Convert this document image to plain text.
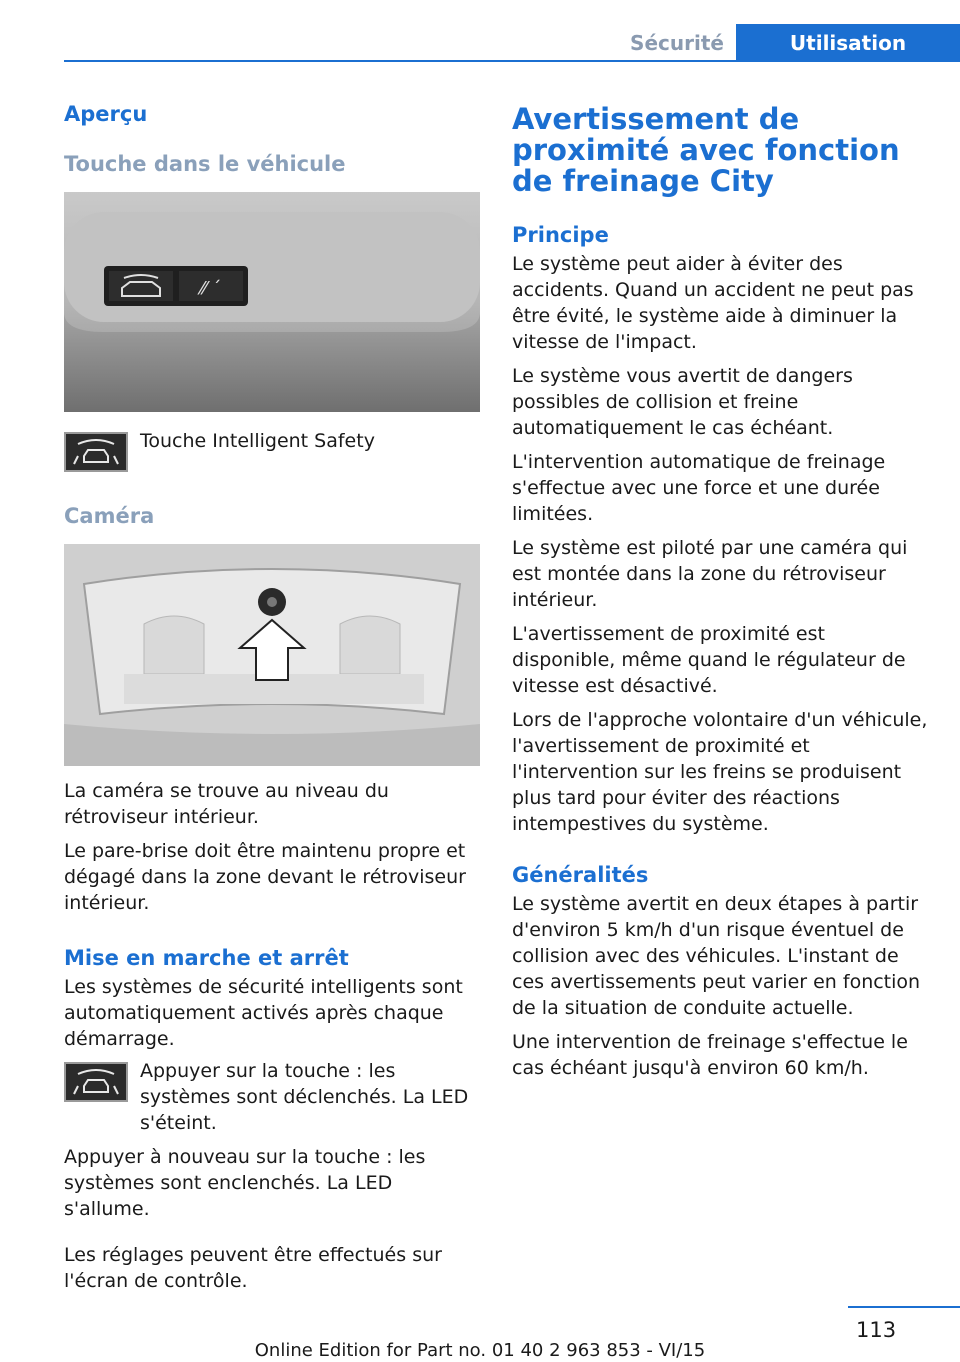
Sécurité	Utilisation
Aperçu
Touche dans le véhicule
⁄⁄ ˊ

Touche Intelligent Safety

Caméra

La caméra se trouve au niveau du rétroviseur intérieur.

Le pare-brise doit être maintenu propre et dégagé dans la zone devant le rétroviseur intérieur.

Mise en marche et arrêt

Les systèmes de sécurité intelligents sont automatiquement activés après chaque démarrage.

Appuyer sur la touche : les systèmes sont déclenchés. La LED s'éteint.

Appuyer à nouveau sur la touche : les systèmes sont enclenchés. La LED s'allume.

Les réglages peuvent être effectués sur l'écran de contrôle.

Avertissement de proximité avec fonction de freinage City
Principe

Le système peut aider à éviter des accidents. Quand un accident ne peut pas être évité, le système aide à diminuer la vitesse de l'impact.

Le système vous avertit de dangers possibles de collision et freine automatiquement le cas échéant.

L'intervention automatique de freinage s'effectue avec une force et une durée limitées.

Le système est piloté par une caméra qui est montée dans la zone du rétroviseur intérieur.

L'avertissement de proximité est disponible, même quand le régulateur de vitesse est désactivé.

Lors de l'approche volontaire d'un véhicule, l'avertissement de proximité et l'intervention sur les freins se produisent plus tard pour éviter des réactions intempestives du système.

Généralités

Le système avertit en deux étapes à partir d'environ 5 km/h d'un risque éventuel de collision avec des véhicules. L'instant de ces avertissements peut varier en fonction de la situation de conduite actuelle.

Une intervention de freinage s'effectue le cas échéant jusqu'à environ 60 km/h.

113
Online Edition for Part no. 01 40 2 963 853 - VI/15
